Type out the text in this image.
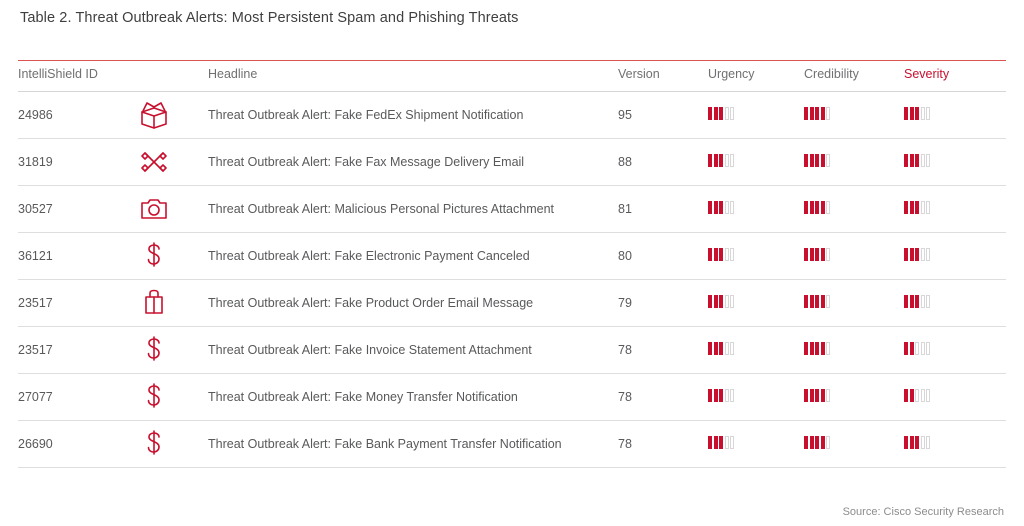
Table 2. Threat Outbreak Alerts: Most Persistent Spam and Phishing Threats
IntelliShield ID	Headline	Version	Urgency	Credibility	Severity

24986	Threat Outbreak Alert: Fake FedEx Shipment Notification	95	

31819	Threat Outbreak Alert: Fake Fax Message Delivery Email	88	

30527	Threat Outbreak Alert: Malicious Personal Pictures Attachment	81	

36121	Threat Outbreak Alert: Fake Electronic Payment Canceled	80	

23517	Threat Outbreak Alert: Fake Product Order Email Message	79	

23517	Threat Outbreak Alert: Fake Invoice Statement Attachment	78	

27077	Threat Outbreak Alert: Fake Money Transfer Notification	78	

26690	Threat Outbreak Alert: Fake Bank Payment Transfer Notification	78	

Source: Cisco Security Research
